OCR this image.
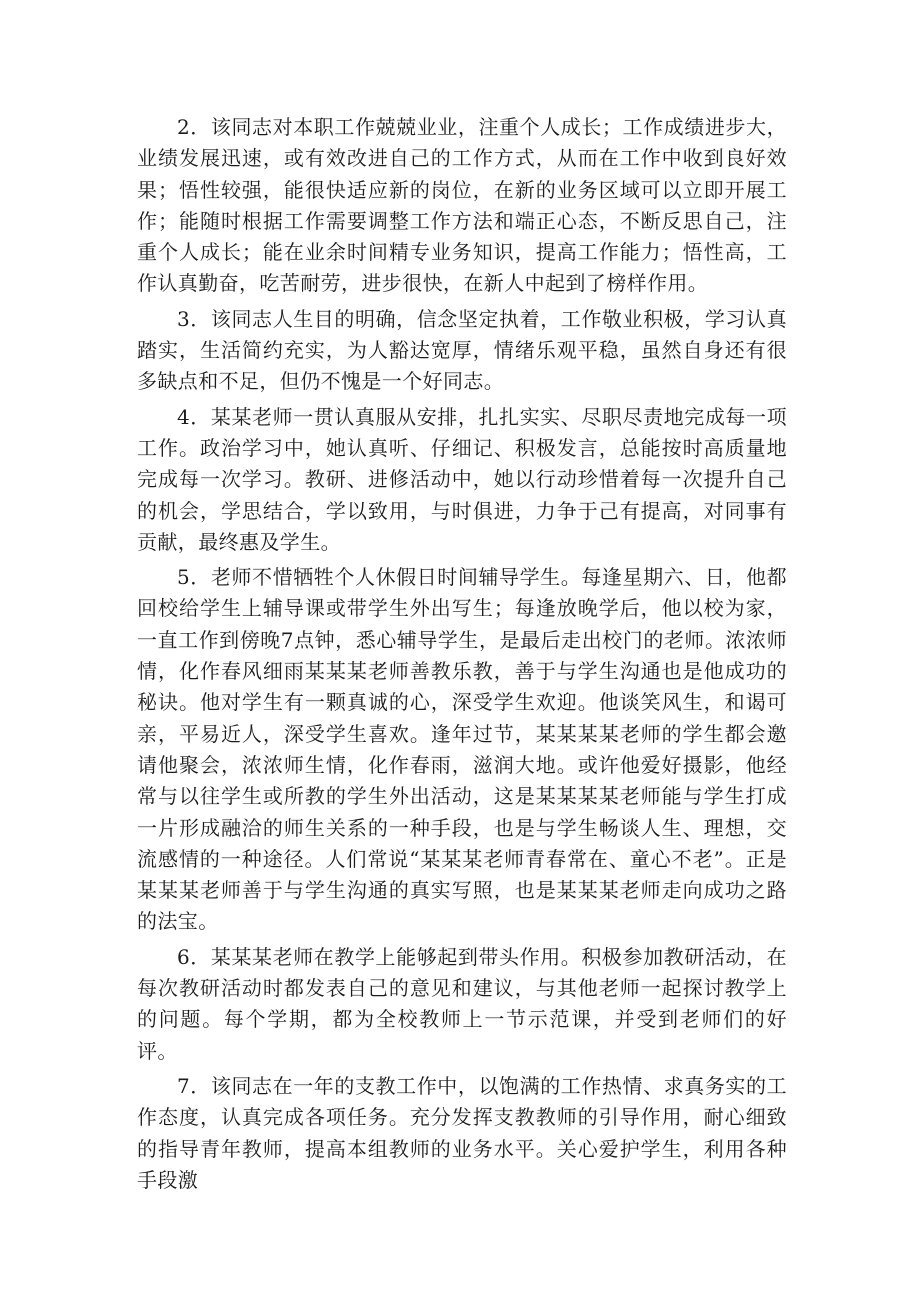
2．该同志对本职工作兢兢业业，注重个人成长；工作成绩进步大，业绩发展迅速，或有效改进自己的工作方式，从而在工作中收到良好效果；悟性较强，能很快适应新的岗位，在新的业务区域可以立即开展工作；能随时根据工作需要调整工作方法和端正心态，不断反思自己，注重个人成长；能在业余时间精专业务知识，提高工作能力；悟性高，工作认真勤奋，吃苦耐劳，进步很快，在新人中起到了榜样作用。

3．该同志人生目的明确，信念坚定执着，工作敬业积极，学习认真踏实，生活简约充实，为人豁达宽厚，情绪乐观平稳，虽然自身还有很多缺点和不足，但仍不愧是一个好同志。

4．某某老师一贯认真服从安排，扎扎实实、尽职尽责地完成每一项工作。政治学习中，她认真听、仔细记、积极发言，总能按时高质量地完成每一次学习。教研、进修活动中，她以行动珍惜着每一次提升自己的机会，学思结合，学以致用，与时俱进，力争于己有提高，对同事有贡献，最终惠及学生。

5．老师不惜牺牲个人休假日时间辅导学生。每逢星期六、日，他都回校给学生上辅导课或带学生外出写生；每逢放晚学后，他以校为家，一直工作到傍晚7点钟，悉心辅导学生，是最后走出校门的老师。浓浓师情，化作春风细雨某某某老师善教乐教，善于与学生沟通也是他成功的秘诀。他对学生有一颗真诚的心，深受学生欢迎。他谈笑风生，和谒可亲，平易近人，深受学生喜欢。逢年过节，某某某某老师的学生都会邀请他聚会，浓浓师生情，化作春雨，滋润大地。或许他爱好摄影，他经常与以往学生或所教的学生外出活动，这是某某某某老师能与学生打成一片形成融洽的师生关系的一种手段，也是与学生畅谈人生、理想，交流感情的一种途径。人们常说“某某某老师青春常在、童心不老”。正是某某某老师善于与学生沟通的真实写照，也是某某某老师走向成功之路的法宝。

6．某某某老师在教学上能够起到带头作用。积极参加教研活动，在每次教研活动时都发表自己的意见和建议，与其他老师一起探讨教学上的问题。每个学期，都为全校教师上一节示范课，并受到老师们的好评。

7．该同志在一年的支教工作中，以饱满的工作热情、求真务实的工作态度，认真完成各项任务。充分发挥支教教师的引导作用，耐心细致的指导青年教师，提高本组教师的业务水平。关心爱护学生，利用各种手段激
